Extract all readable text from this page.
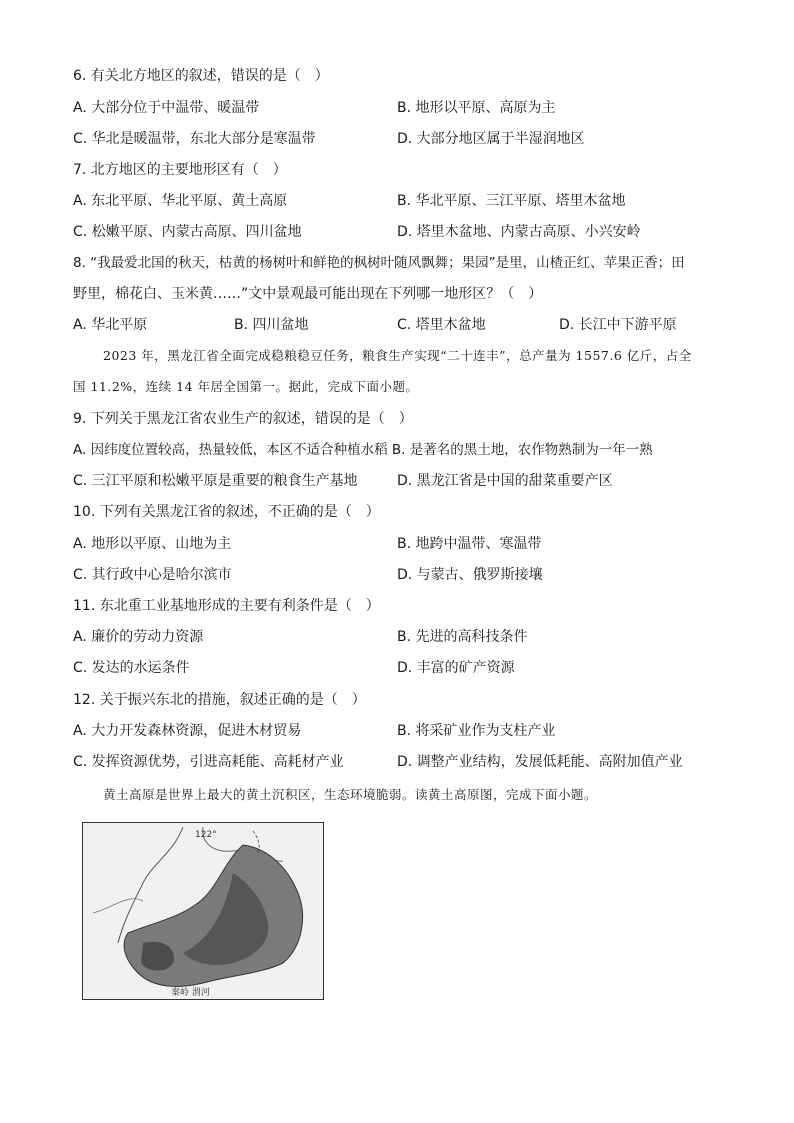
6. 有关北方地区的叙述，错误的是（　）
A. 大部分位于中温带、暖温带	B. 地形以平原、高原为主
C. 华北是暖温带，东北大部分是寒温带	D. 大部分地区属于半湿润地区
7. 北方地区的主要地形区有（　）
A. 东北平原、华北平原、黄土高原	B. 华北平原、三江平原、塔里木盆地
C. 松嫩平原、内蒙古高原、四川盆地	D. 塔里木盆地、内蒙古高原、小兴安岭
8. “我最爱北国的秋天，枯黄的杨树叶和鲜艳的枫树叶随风飘舞；果园”是里，山楂正红、苹果正香；田
野里，棉花白、玉米黄……”文中景观最可能出现在下列哪一地形区？（　）
A. 华北平原	B. 四川盆地	C. 塔里木盆地	D. 长江中下游平原
2023 年，黑龙江省全面完成稳粮稳豆任务，粮食生产实现“二十连丰”，总产量为 1557.6 亿斤，占全
国 11.2%，连续 14 年居全国第一。据此，完成下面小题。
9. 下列关于黑龙江省农业生产的叙述，错误的是（　）
A. 因纬度位置较高，热量较低，本区不适合种植水稻 B. 是著名的黑土地，农作物熟制为一年一熟
C. 三江平原和松嫩平原是重要的粮食生产基地	D. 黑龙江省是中国的甜菜重要产区
10. 下列有关黑龙江省的叙述，不正确的是（　）
A. 地形以平原、山地为主	B. 地跨中温带、寒温带
C. 其行政中心是哈尔滨市	D. 与蒙古、俄罗斯接壤
11. 东北重工业基地形成的主要有利条件是（　）
A. 廉价的劳动力资源	B. 先进的高科技条件
C. 发达的水运条件	D. 丰富的矿产资源
12. 关于振兴东北的措施，叙述正确的是（　）
A. 大力开发森林资源，促进木材贸易	B. 将采矿业作为支柱产业
C. 发挥资源优势，引进高耗能、高耗材产业	D. 调整产业结构，发展低耗能、高附加值产业
黄土高原是世界上最大的黄土沉积区，生态环境脆弱。读黄土高原图，完成下面小题。
122°
秦岭 渭河
